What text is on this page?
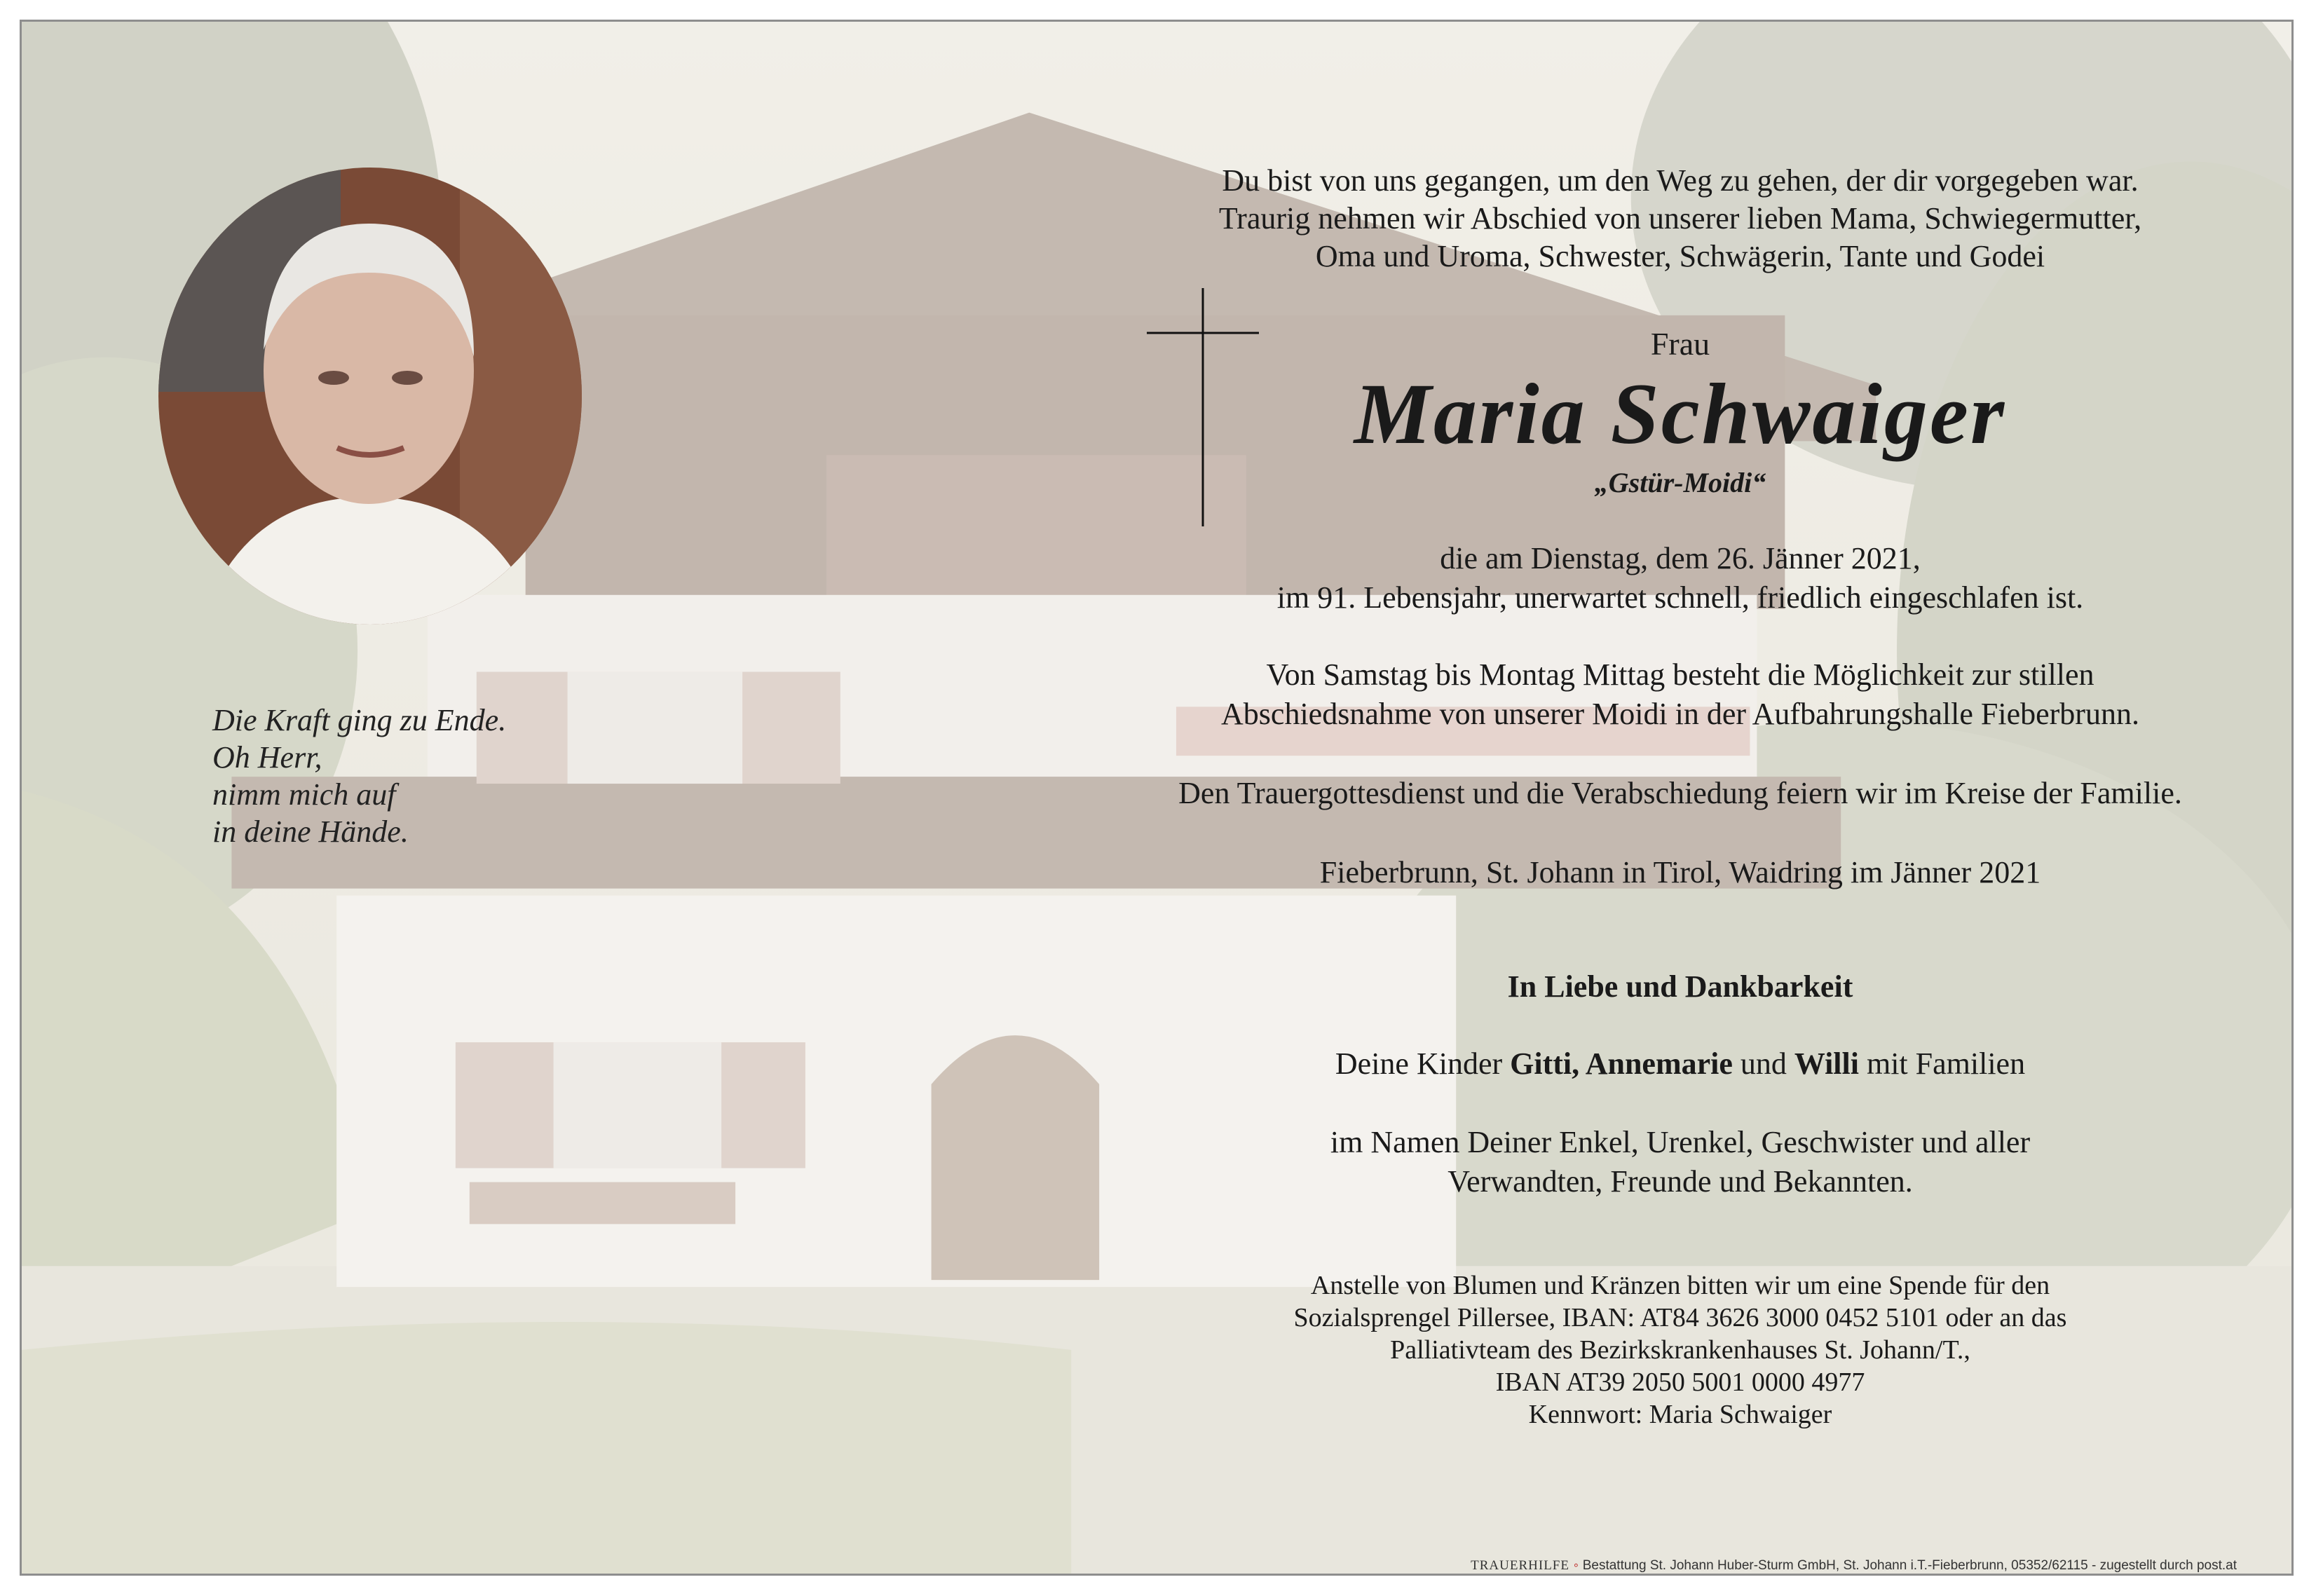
Die Kraft ging zu Ende.
Oh Herr,
nimm mich auf
in deine Hände.
Du bist von uns gegangen, um den Weg zu gehen, der dir vorgegeben war.
Traurig nehmen wir Abschied von unserer lieben Mama, Schwiegermutter,
Oma und Uroma, Schwester, Schwägerin, Tante und Godei
Frau
Maria Schwaiger
„Gstür-Moidi“
die am Dienstag, dem 26. Jänner 2021,
im 91. Lebensjahr, unerwartet schnell, friedlich eingeschlafen ist.
Von Samstag bis Montag Mittag besteht die Möglichkeit zur stillen
Abschiedsnahme von unserer Moidi in der Aufbahrungshalle Fieberbrunn.
Den Trauergottesdienst und die Verabschiedung feiern wir im Kreise der Familie.
Fieberbrunn, St. Johann in Tirol, Waidring im Jänner 2021
In Liebe und Dankbarkeit
Deine Kinder Gitti, Annemarie und Willi mit Familien
im Namen Deiner Enkel, Urenkel, Geschwister und aller
Verwandten, Freunde und Bekannten.
Anstelle von Blumen und Kränzen bitten wir um eine Spende für den
Sozialsprengel Pillersee, IBAN: AT84 3626 3000 0452 5101 oder an das
Palliativteam des Bezirkskrankenhauses St. Johann/T.,
IBAN AT39 2050 5001 0000 4977
Kennwort: Maria Schwaiger
TRAUERHILFE ◦ Bestattung St. Johann Huber-Sturm GmbH, St. Johann i.T.-Fieberbrunn, 05352/62115 - zugestellt durch post.at
